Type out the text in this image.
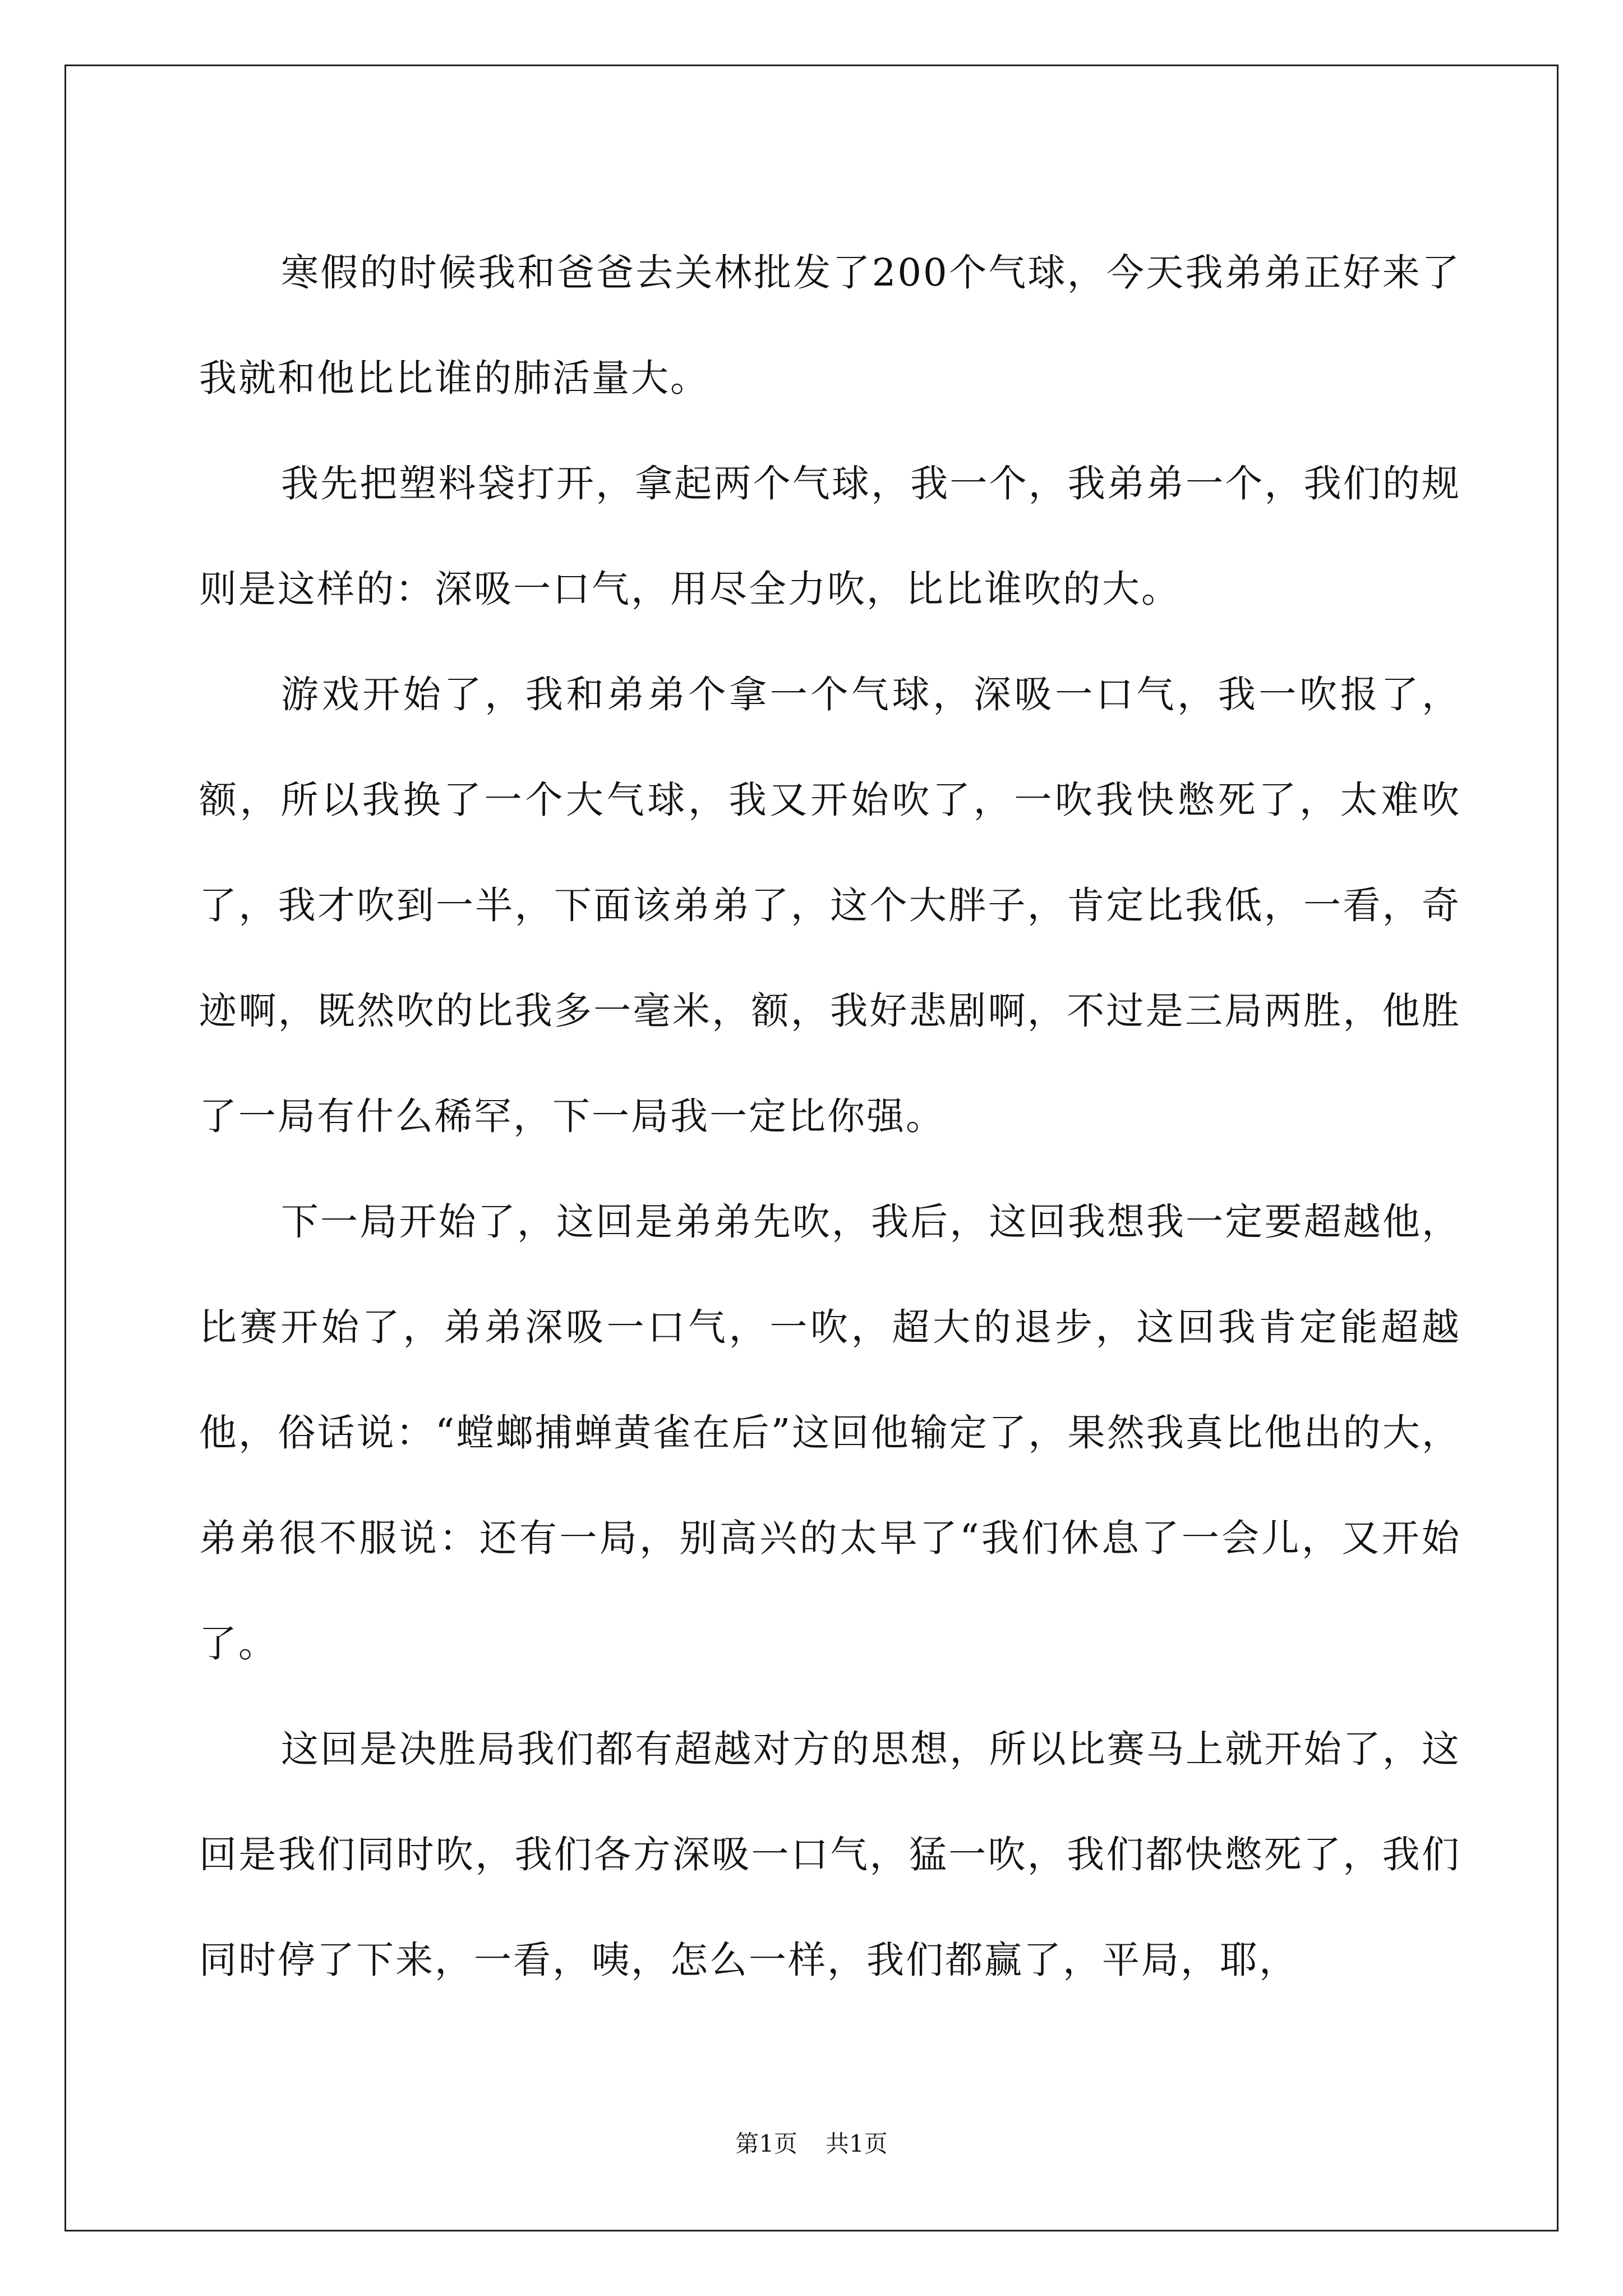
寒假的时候我和爸爸去关林批发了200个气球，今天我弟弟正好来了我就和他比比谁的肺活量大。

我先把塑料袋打开，拿起两个气球，我一个，我弟弟一个，我们的规则是这样的：深吸一口气，用尽全力吹，比比谁吹的大。

游戏开始了，我和弟弟个拿一个气球，深吸一口气，我一吹报了，额，所以我换了一个大气球，我又开始吹了，一吹我快憋死了，太难吹了，我才吹到一半，下面该弟弟了，这个大胖子，肯定比我低，一看，奇迹啊，既然吹的比我多一毫米，额，我好悲剧啊，不过是三局两胜，他胜了一局有什么稀罕，下一局我一定比你强。

下一局开始了，这回是弟弟先吹，我后，这回我想我一定要超越他，比赛开始了，弟弟深吸一口气，一吹，超大的退步，这回我肯定能超越他，俗话说：“螳螂捕蝉黄雀在后”这回他输定了，果然我真比他出的大，弟弟很不服说：还有一局，别高兴的太早了“我们休息了一会儿，又开始了。

这回是决胜局我们都有超越对方的思想，所以比赛马上就开始了，这回是我们同时吹，我们各方深吸一口气，猛一吹，我们都快憋死了，我们同时停了下来，一看，咦，怎么一样，我们都赢了，平局，耶，

第1页 共1页
